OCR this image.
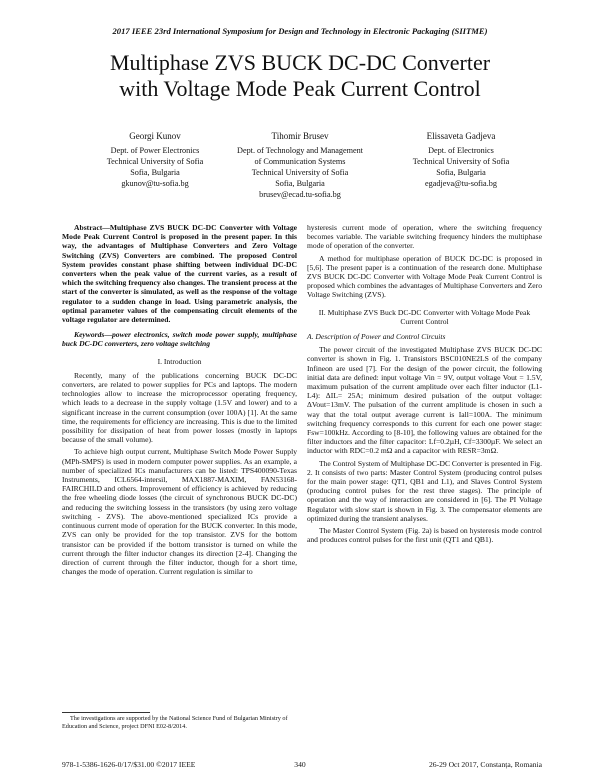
2017 IEEE 23rd International Symposium for Design and Technology in Electronic Packaging (SIITME)
Multiphase ZVS BUCK DC-DC Converter
with Voltage Mode Peak Current Control
Georgi Kunov
Dept. of Power Electronics
Technical University of Sofia
Sofia, Bulgaria
gkunov@tu-sofia.bg
Tihomir Brusev
Dept. of Technology and Management
of Communication Systems
Technical University of Sofia
Sofia, Bulgaria
brusev@ecad.tu-sofia.bg
Elissaveta Gadjeva
Dept. of Electronics
Technical University of Sofia
Sofia, Bulgaria
egadjeva@tu-sofia.bg

Abstract—Multiphase ZVS BUCK DC-DC Converter with Voltage Mode Peak Current Control is proposed in the present paper. In this way, the advantages of Multiphase Converters and Zero Voltage Switching (ZVS) Converters are combined. The proposed Control System provides constant phase shifting between individual DC-DC converters when the peak value of the current varies, as a result of which the switching frequency also changes. The transient process at the start of the converter is simulated, as well as the response of the voltage regulator to a sudden change in load. Using parametric analysis, the optimal parameter values of the compensating circuit elements of the voltage regulator are determined.

Keywords—power electronics, switch mode power supply, multiphase buck DC-DC converters, zero voltage switching

I. Introduction

Recently, many of the publications concerning BUCK DC-DC converters, are related to power supplies for PCs and laptops. The modern technologies allow to increase the microprocessor operating frequency, which leads to a decrease in the supply voltage (1.5V and lower) and to a significant increase in the current consumption (over 100A) [1]. At the same time, the requirements for efficiency are increasing. This is due to the limited possibility for dissipation of heat from power losses (mostly in laptops because of the small volume).

To achieve high output current, Multiphase Switch Mode Power Supply (MPh-SMPS) is used in modern computer power supplies. As an example, a number of specialized ICs manufacturers can be listed: TPS400090-Texas Instruments, ICL6564-intersil, MAX1887-MAXIM, FAN53168-FAIRCHILD and others. Improvement of efficiency is achieved by reducing the free wheeling diode losses (the circuit of synchronous BUCK DC-DC) and reducing the switching lossess in the transistors (by using zero voltage switching - ZVS). The above-mentioned specialized ICs provide a continuous current mode of operation for the BUCK converter. In this mode, ZVS can only be provided for the top transistor. ZVS for the bottom transistor can be provided if the bottom transistor is turned on while the current through the filter inductor changes its direction [2-4]. Changing the direction of current through the filter inductor, though for a short time, changes the mode of operation. Current regulation is similar to

hysteresis current mode of operation, where the switching frequency becomes variable. The variable switching frequency hinders the multiphase mode of operation of the converter.

A method for multiphase operation of BUCK DC-DC is proposed in [5,6]. The present paper is a continuation of the research done. Multiphase ZVS BUCK DC-DC Converter with Voltage Mode Peak Current Control is proposed which combines the advantages of Multiphase Converters and Zero Voltage Switching (ZVS).

II. Multiphase ZVS Buck DC-DC Converter with Voltage Mode Peak Current Control
A. Description of Power and Control Circuits

The power circuit of the investigated Multiphase ZVS BUCK DC-DC converter is shown in Fig. 1. Transistors BSC010NE2LS of the company Infineon are used [7]. For the design of the power circuit, the following initial data are defined: input voltage Vin = 9V, output voltage Vout = 1.5V, maximum pulsation of the current amplitude over each filter inductor (L1-L4): ΔIL= 25A; minimum desired pulsation of the output voltage: ΔVout=13mV. The pulsation of the current amplitude is chosen in such a way that the total output average current is Iall=100A. The minimum switching frequency corresponds to this current for each one power stage: Fsw=100kHz. According to [8-10], the following values are obtained for the filter inductors and the filter capacitor: Lf=0.2µH, Cf=3300µF. We select an inductor with RDC=0.2 mΩ and a capacitor with RESR=3mΩ.

The Control System of Multiphase DC-DC Converter is presented in Fig. 2. It consists of two parts: Master Control System (producing control pulses for the main power stage: QT1, QB1 and L1), and Slaves Control System (producing control pulses for the rest three stages). The principle of operation and the way of interaction are considered in [6]. The PI Voltage Regulator with slow start is shown in Fig. 3. The compensator elements are optimized during the transient analyses.

The Master Control System (Fig. 2a) is based on hysteresis mode control and produces control pulses for the first unit (QT1 and QB1).

The investigations are supported by the National Science Fund of Bulgarian Ministry of Education and Science, project DFNI E02-8/2014.
978-1-5386-1626-0/17/$31.00 ©2017 IEEE	340	26-29 Oct 2017, Constanța, Romania
